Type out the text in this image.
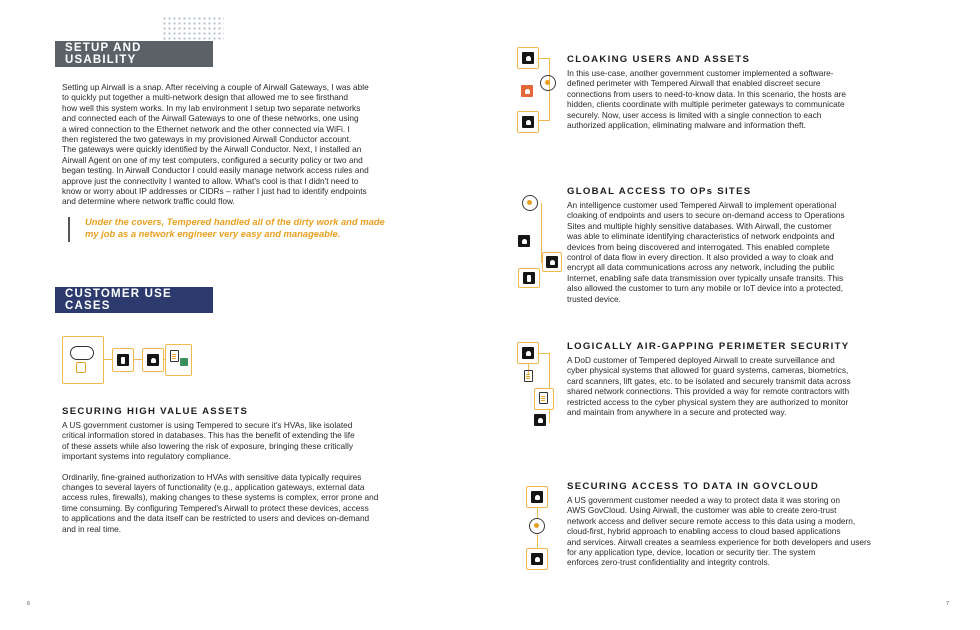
SETUP AND USABILITY
Setting up Airwall is a snap. After receiving a couple of Airwall Gateways, I was able
to quickly put together a multi-network design that allowed me to see firsthand
how well this system works. In my lab environment I setup two separate networks
and connected each of the Airwall Gateways to one of these networks, one using
a wired connection to the Ethernet network and the other connected via WiFi. I
then registered the two gateways in my provisioned Airwall Conductor account.
The gateways were quickly identified by the Airwall Conductor. Next, I installed an
Airwall Agent on one of my test computers, configured a security policy or two and
began testing. In Airwall Conductor I could easily manage network access rules and
approve just the connectivity I wanted to allow. What's cool is that I didn't need to
know or worry about IP addresses or CIDRs – rather I just had to identify endpoints
and determine where network traffic could flow.
Under the covers, Tempered handled all of the dirty work and made
my job as a network engineer very easy and manageable.
CUSTOMER USE CASES
SECURING HIGH VALUE ASSETS
A US government customer is using Tempered to secure it's HVAs, like isolated
critical information stored in databases. This has the benefit of extending the life
of these assets while also lowering the risk of exposure, bringing these critically
important systems into regulatory compliance.
Ordinarily, fine-grained authorization to HVAs with sensitive data typically requires
changes to several layers of functionality (e.g., application gateways, external data
access rules, firewalls), making changes to these systems is complex, error prone and
time consuming. By configuring Tempered's Airwall to protect these devices, access
to applications and the data itself can be restricted to users and devices on-demand
and in real time.
6
CLOAKING USERS AND ASSETS
In this use-case, another government customer implemented a software-
defined perimeter with Tempered Airwall that enabled discreet secure
connections from users to need-to-know data. In this scenario, the hosts are
hidden, clients coordinate with multiple perimeter gateways to communicate
securely. Now, user access is limited with a single connection to each
authorized application, eliminating malware and information theft.
GLOBAL ACCESS TO OPs SITES
An intelligence customer used Tempered Airwall to implement operational
cloaking of endpoints and users to secure on-demand access to Operations
Sites and multiple highly sensitive databases. With Airwall, the customer
was able to eliminate identifying characteristics of network endpoints and
devices from being discovered and interrogated. This enabled complete
control of data flow in every direction. It also provided a way to cloak and
encrypt all data communications across any network, including the public
Internet, enabling safe data transmission over typically unsafe transits. This
also allowed the customer to turn any mobile or IoT device into a protected,
trusted device.
LOGICALLY AIR-GAPPING PERIMETER SECURITY
A DoD customer of Tempered deployed Airwall to create surveillance and
cyber physical systems that allowed for guard systems, cameras, biometrics,
card scanners, lift gates, etc. to be isolated and securely transmit data across
shared network connections. This provided a way for remote contractors with
restricted access to the cyber physical system they are authorized to monitor
and maintain from anywhere in a secure and protected way.
SECURING ACCESS TO DATA IN GOVCLOUD
A US government customer needed a way to protect data it was storing on
AWS GovCloud. Using Airwall, the customer was able to create zero-trust
network access and deliver secure remote access to this data using a modern,
cloud-first, hybrid approach to enabling access to cloud based applications
and services. Airwall creates a seamless experience for both developers and users
for any application type, device, location or security tier. The system
enforces zero-trust confidentiality and integrity controls.
7
